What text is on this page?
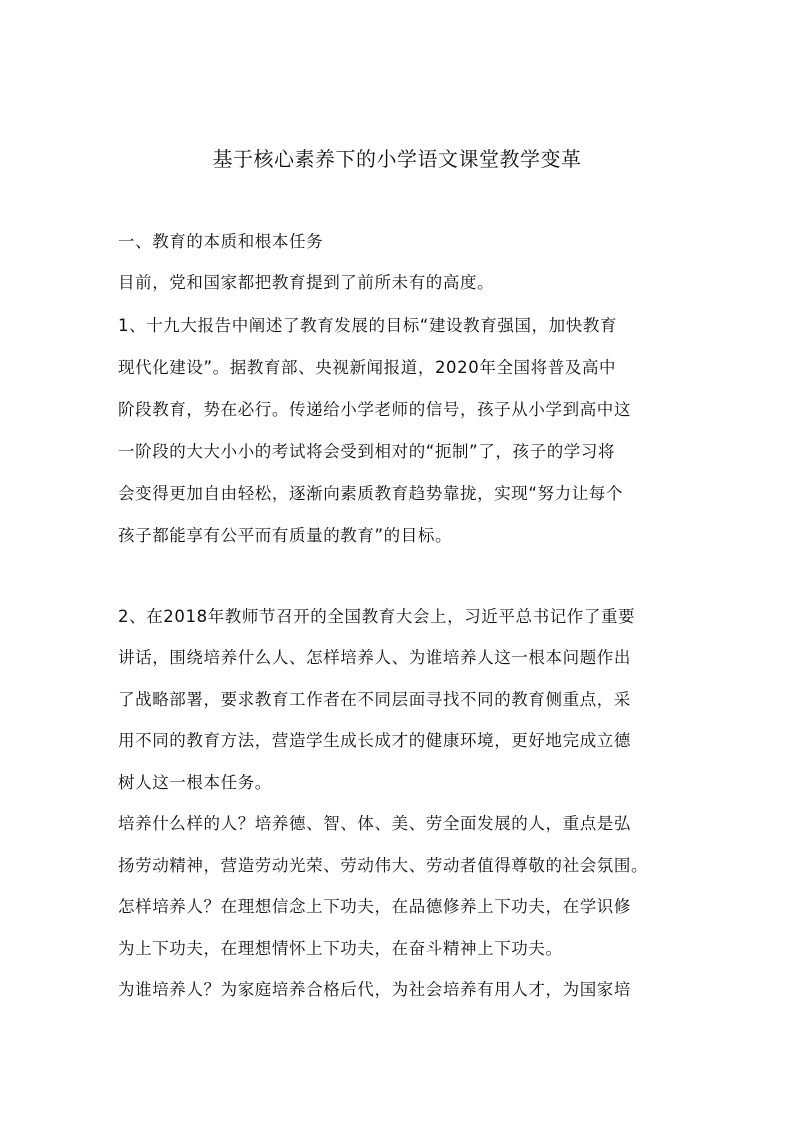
基于核心素养下的小学语文课堂教学变革
一、教育的本质和根本任务
目前，党和国家都把教育提到了前所未有的高度。
1、十九大报告中阐述了教育发展的目标“建设教育强国，加快教育
现代化建设”。据教育部、央视新闻报道，2020年全国将普及高中
阶段教育，势在必行。传递给小学老师的信号，孩子从小学到高中这
一阶段的大大小小的考试将会受到相对的“扼制”了，孩子的学习将
会变得更加自由轻松，逐渐向素质教育趋势靠拢，实现“努力让每个
孩子都能享有公平而有质量的教育”的目标。
2、在2018年教师节召开的全国教育大会上，习近平总书记作了重要
讲话，围绕培养什么人、怎样培养人、为谁培养人这一根本问题作出
了战略部署，要求教育工作者在不同层面寻找不同的教育侧重点，采
用不同的教育方法，营造学生成长成才的健康环境，更好地完成立德
树人这一根本任务。
培养什么样的人？培养德、智、体、美、劳全面发展的人，重点是弘
扬劳动精神，营造劳动光荣、劳动伟大、劳动者值得尊敬的社会氛围。
怎样培养人？在理想信念上下功夫，在品德修养上下功夫，在学识修
为上下功夫，在理想情怀上下功夫，在奋斗精神上下功夫。
为谁培养人？为家庭培养合格后代，为社会培养有用人才，为国家培
